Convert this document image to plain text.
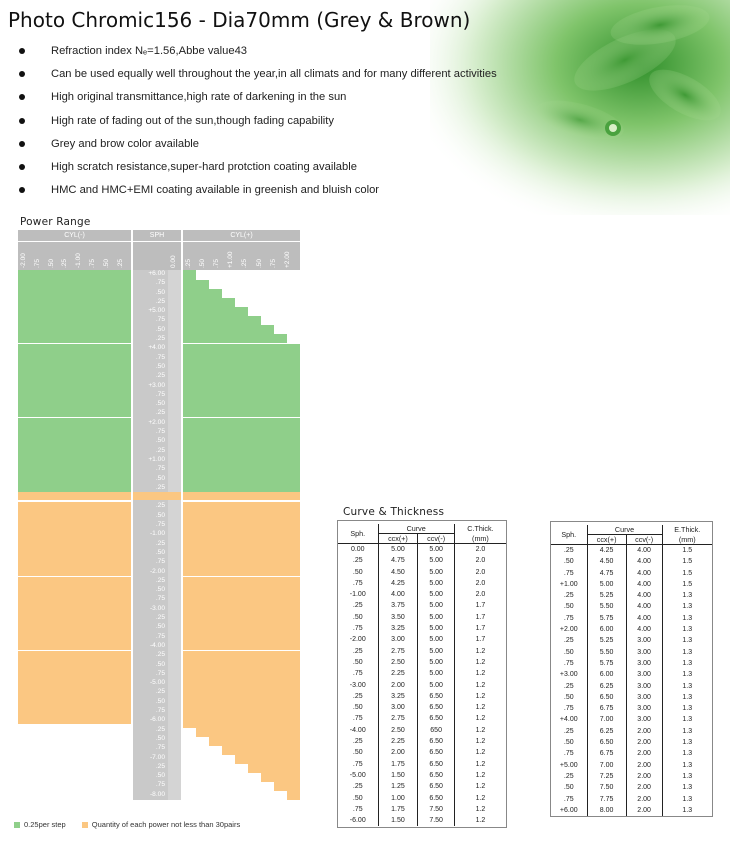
Photo Chromic156 - Dia70mm (Grey & Brown)
Refraction index Nₑ=1.56,Abbe value43
Can be used equally well throughout the year,in all climats and for many different activities
High original transmittance,high rate of darkening in the sun
High rate of fading out of the sun,though fading capability
Grey and brow color available
High scratch resistance,super-hard protction coating available
HMC and HMC+EMI coating available in greenish and bluish color
Power Range
CYL(-)	SPH	CYL(+)
-2.00 .75 .50 .25 -1.00 .75 .50 .25	0.00 .25 .50 .75 +1.00 .25 .50 .75 +2.00
+6.00
.75
.50
.25
+5.00
.75
.50
.25
+4.00
.75
.50
.25
+3.00
.75
.50
.25
+2.00
.75
.50
.25
+1.00
.75
.50
.25
.25
.50
.75
-1.00
.25
.50
.75
-2.00
.25
.50
.75
-3.00
.25
.50
.75
-4.00
.25
.50
.75
-5.00
.25
.50
.75
-6.00
.25
.50
.75
-7.00
.25
.50
.75
-8.00
0.25per step	Quantity of each power not less than 30pairs
Curve & Thickness
Sph.	Curve		C.Thick.
	ccx(+)	ccv(-)	(mm)
0.00	5.00	5.00	2.0
.25	4.75	5.00	2.0
.50	4.50	5.00	2.0
.75	4.25	5.00	2.0
-1.00	4.00	5.00	2.0
.25	3.75	5.00	1.7
.50	3.50	5.00	1.7
.75	3.25	5.00	1.7
-2.00	3.00	5.00	1.7
.25	2.75	5.00	1.2
.50	2.50	5.00	1.2
.75	2.25	5.00	1.2
-3.00	2.00	5.00	1.2
.25	3.25	6.50	1.2
.50	3.00	6.50	1.2
.75	2.75	6.50	1.2
-4.00	2.50	650	1.2
.25	2.25	6.50	1.2
.50	2.00	6.50	1.2
.75	1.75	6.50	1.2
-5.00	1.50	6.50	1.2
.25	1.25	6.50	1.2
.50	1.00	6.50	1.2
.75	1.75	7.50	1.2
-6.00	1.50	7.50	1.2
Sph.	Curve		E.Thick.
	ccx(+)	ccv(-)	(mm)
.25	4.25	4.00	1.5
.50	4.50	4.00	1.5
.75	4.75	4.00	1.5
+1.00	5.00	4.00	1.5
.25	5.25	4.00	1.3
.50	5.50	4.00	1.3
.75	5.75	4.00	1.3
+2.00	6.00	4.00	1.3
.25	5.25	3.00	1.3
.50	5.50	3.00	1.3
.75	5.75	3.00	1.3
+3.00	6.00	3.00	1.3
.25	6.25	3.00	1.3
.50	6.50	3.00	1.3
.75	6.75	3.00	1.3
+4.00	7.00	3.00	1.3
.25	6.25	2.00	1.3
.50	6.50	2.00	1.3
.75	6.75	2.00	1.3
+5.00	7.00	2.00	1.3
.25	7.25	2.00	1.3
.50	7.50	2.00	1.3
.75	7.75	2.00	1.3
+6.00	8.00	2.00	1.3
